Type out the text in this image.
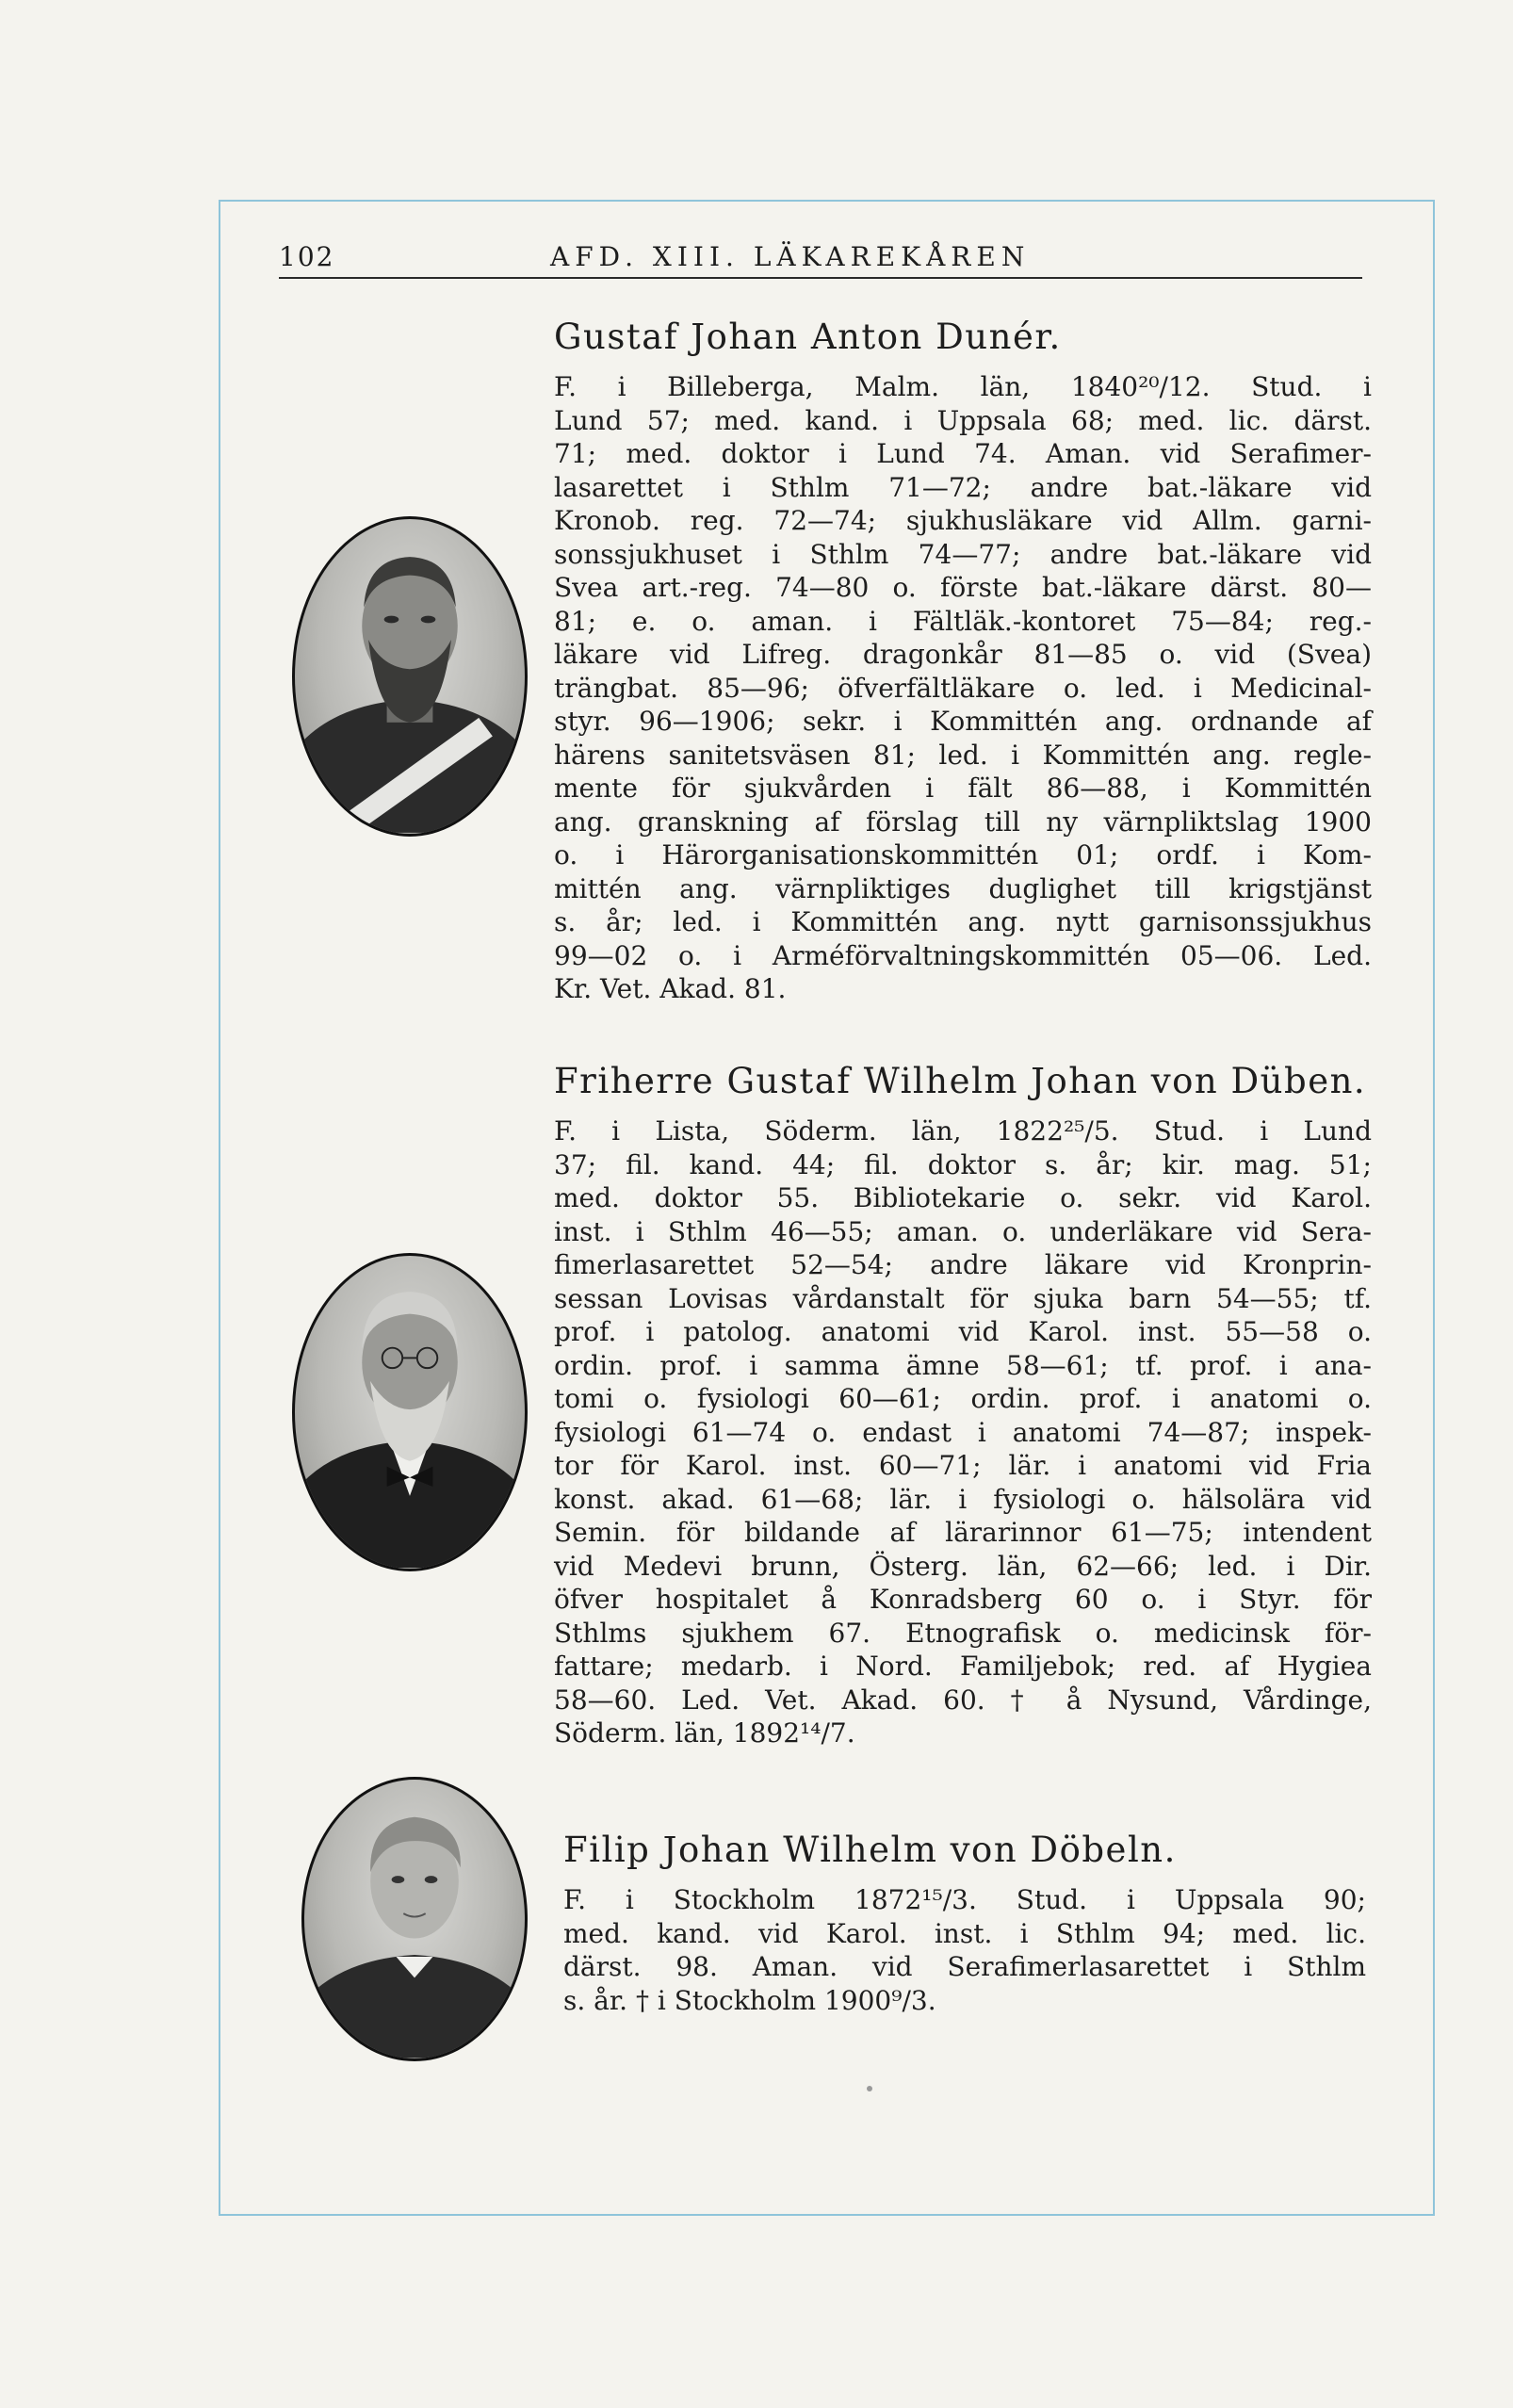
102	AFD. XIII. LÄKAREKÅREN
Gustaf Johan Anton Dunér.

F. i Billeberga, Malm. län, 1840²⁰/12. Stud. i
Lund 57; med. kand. i Uppsala 68; med. lic. därst.
71; med. doktor i Lund 74. Aman. vid Serafimer-
lasarettet i Sthlm 71—72; andre bat.-läkare vid
Kronob. reg. 72—74; sjukhusläkare vid Allm. garni-
sonssjukhuset i Sthlm 74—77; andre bat.-läkare vid
Svea art.-reg. 74—80 o. förste bat.-läkare därst. 80—
81; e. o. aman. i Fältläk.-kontoret 75—84; reg.-
läkare vid Lifreg. dragonkår 81—85 o. vid (Svea)
trängbat. 85—96; öfverfältläkare o. led. i Medicinal-
styr. 96—1906; sekr. i Kommittén ang. ordnande af
härens sanitetsväsen 81; led. i Kommittén ang. regle-
mente för sjukvården i fält 86—88, i Kommittén
ang. granskning af förslag till ny värnpliktslag 1900
o. i Härorganisationskommittén 01; ordf. i Kom-
mittén ang. värnpliktiges duglighet till krigstjänst
s. år; led. i Kommittén ang. nytt garnisonssjukhus
99—02 o. i Arméförvaltningskommittén 05—06. Led.
Kr. Vet. Akad. 81.

Friherre Gustaf Wilhelm Johan von Düben.

F. i Lista, Söderm. län, 1822²⁵/5. Stud. i Lund
37; fil. kand. 44; fil. doktor s. år; kir. mag. 51;
med. doktor 55. Bibliotekarie o. sekr. vid Karol.
inst. i Sthlm 46—55; aman. o. underläkare vid Sera-
fimerlasarettet 52—54; andre läkare vid Kronprin-
sessan Lovisas vårdanstalt för sjuka barn 54—55; tf.
prof. i patolog. anatomi vid Karol. inst. 55—58 o.
ordin. prof. i samma ämne 58—61; tf. prof. i ana-
tomi o. fysiologi 60—61; ordin. prof. i anatomi o.
fysiologi 61—74 o. endast i anatomi 74—87; inspek-
tor för Karol. inst. 60—71; lär. i anatomi vid Fria
konst. akad. 61—68; lär. i fysiologi o. hälsolära vid
Semin. för bildande af lärarinnor 61—75; intendent
vid Medevi brunn, Österg. län, 62—66; led. i Dir.
öfver hospitalet å Konradsberg 60 o. i Styr. för
Sthlms sjukhem 67. Etnografisk o. medicinsk för-
fattare; medarb. i Nord. Familjebok; red. af Hygiea
58—60. Led. Vet. Akad. 60. † å Nysund, Vårdinge,
Söderm. län, 1892¹⁴/7.

Filip Johan Wilhelm von Döbeln.

F. i Stockholm 1872¹⁵/3. Stud. i Uppsala 90;
med. kand. vid Karol. inst. i Sthlm 94; med. lic.
därst. 98. Aman. vid Serafimerlasarettet i Sthlm
s. år. † i Stockholm 1900⁹/3.
